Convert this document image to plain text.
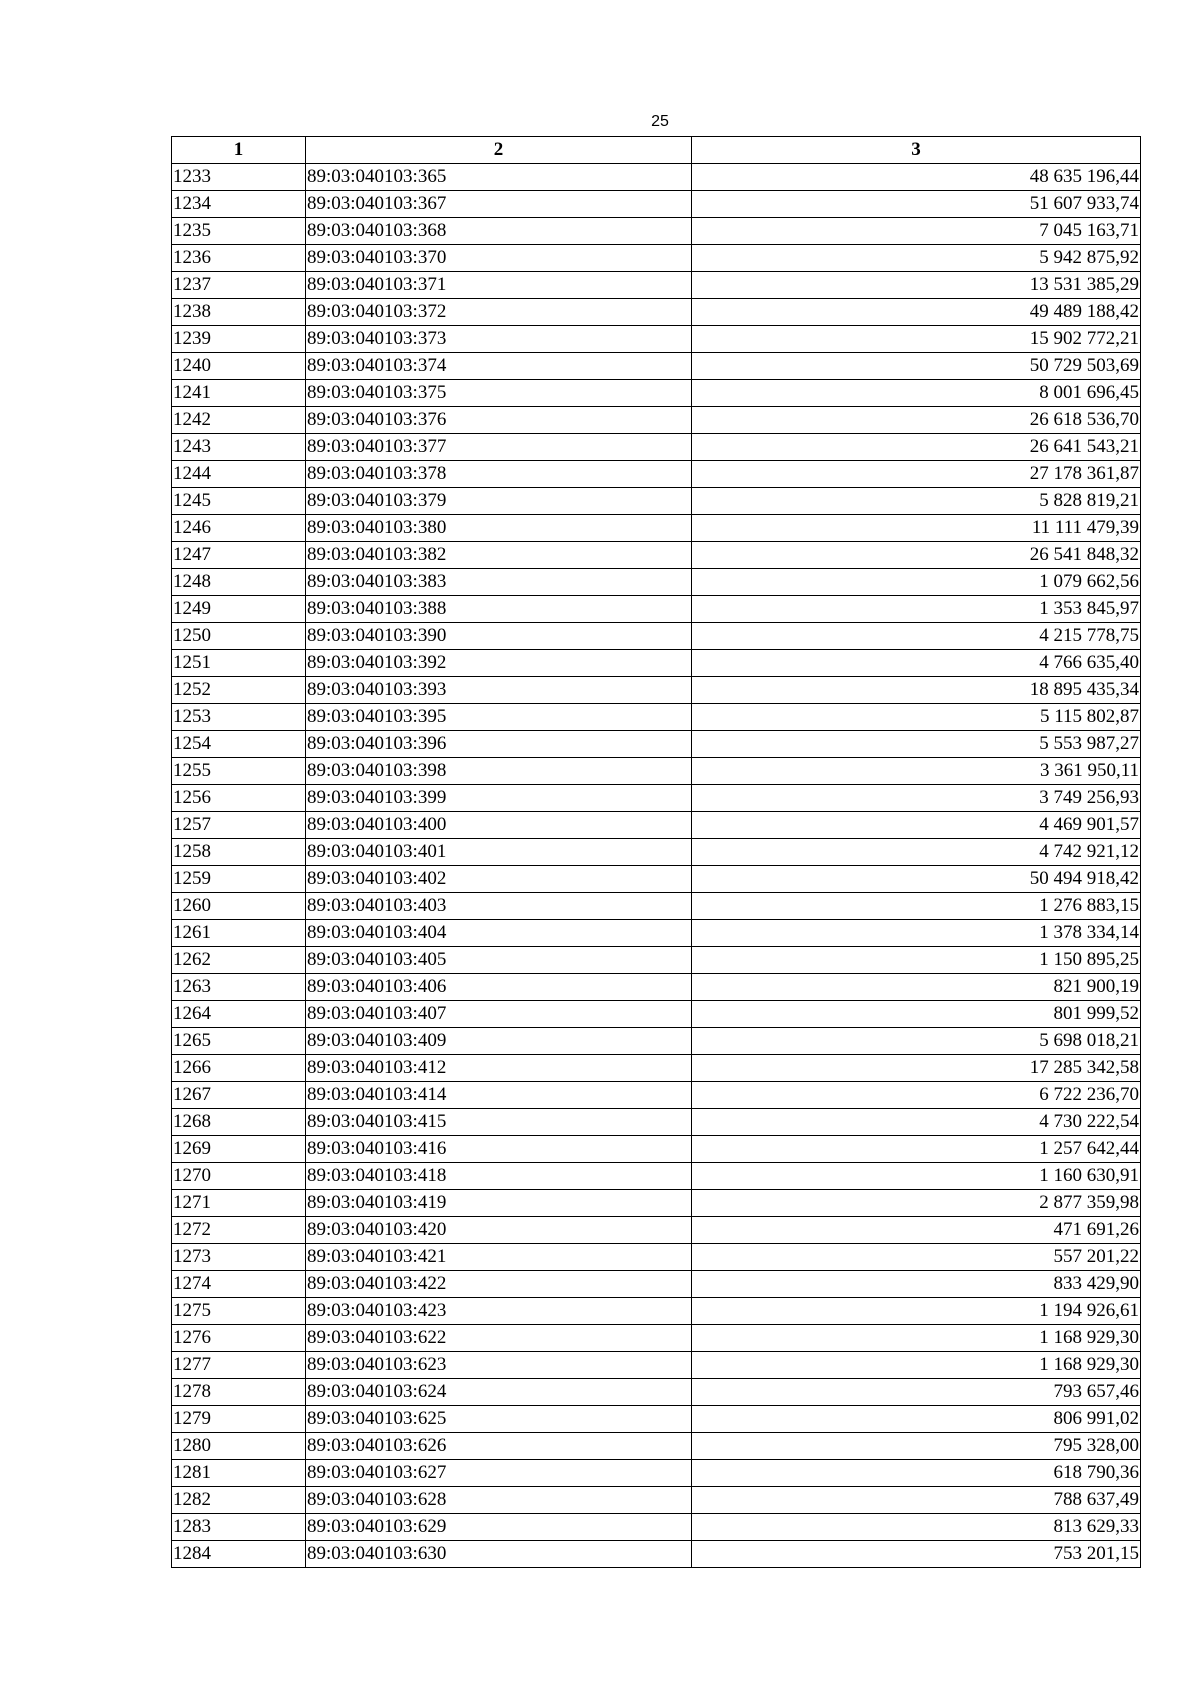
25
1	2	3
1233	89:03:040103:365	48 635 196,44
1234	89:03:040103:367	51 607 933,74
1235	89:03:040103:368	7 045 163,71
1236	89:03:040103:370	5 942 875,92
1237	89:03:040103:371	13 531 385,29
1238	89:03:040103:372	49 489 188,42
1239	89:03:040103:373	15 902 772,21
1240	89:03:040103:374	50 729 503,69
1241	89:03:040103:375	8 001 696,45
1242	89:03:040103:376	26 618 536,70
1243	89:03:040103:377	26 641 543,21
1244	89:03:040103:378	27 178 361,87
1245	89:03:040103:379	5 828 819,21
1246	89:03:040103:380	11 111 479,39
1247	89:03:040103:382	26 541 848,32
1248	89:03:040103:383	1 079 662,56
1249	89:03:040103:388	1 353 845,97
1250	89:03:040103:390	4 215 778,75
1251	89:03:040103:392	4 766 635,40
1252	89:03:040103:393	18 895 435,34
1253	89:03:040103:395	5 115 802,87
1254	89:03:040103:396	5 553 987,27
1255	89:03:040103:398	3 361 950,11
1256	89:03:040103:399	3 749 256,93
1257	89:03:040103:400	4 469 901,57
1258	89:03:040103:401	4 742 921,12
1259	89:03:040103:402	50 494 918,42
1260	89:03:040103:403	1 276 883,15
1261	89:03:040103:404	1 378 334,14
1262	89:03:040103:405	1 150 895,25
1263	89:03:040103:406	821 900,19
1264	89:03:040103:407	801 999,52
1265	89:03:040103:409	5 698 018,21
1266	89:03:040103:412	17 285 342,58
1267	89:03:040103:414	6 722 236,70
1268	89:03:040103:415	4 730 222,54
1269	89:03:040103:416	1 257 642,44
1270	89:03:040103:418	1 160 630,91
1271	89:03:040103:419	2 877 359,98
1272	89:03:040103:420	471 691,26
1273	89:03:040103:421	557 201,22
1274	89:03:040103:422	833 429,90
1275	89:03:040103:423	1 194 926,61
1276	89:03:040103:622	1 168 929,30
1277	89:03:040103:623	1 168 929,30
1278	89:03:040103:624	793 657,46
1279	89:03:040103:625	806 991,02
1280	89:03:040103:626	795 328,00
1281	89:03:040103:627	618 790,36
1282	89:03:040103:628	788 637,49
1283	89:03:040103:629	813 629,33
1284	89:03:040103:630	753 201,15
